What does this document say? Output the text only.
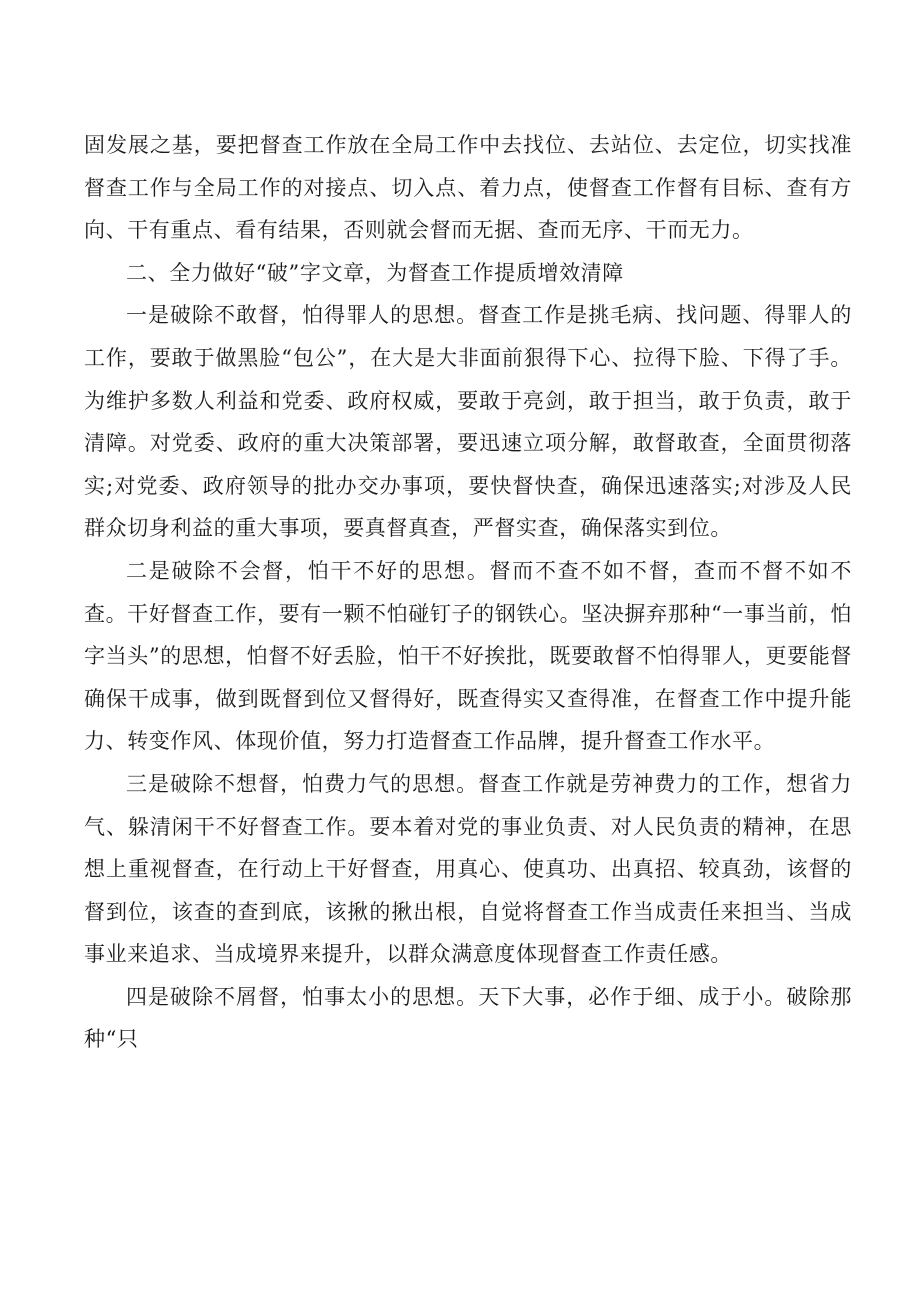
固发展之基，要把督查工作放在全局工作中去找位、去站位、去定位，切实找准督查工作与全局工作的对接点、切入点、着力点，使督查工作督有目标、查有方向、干有重点、看有结果，否则就会督而无据、查而无序、干而无力。

二、全力做好“破”字文章，为督查工作提质增效清障

一是破除不敢督，怕得罪人的思想。督查工作是挑毛病、找问题、得罪人的工作，要敢于做黑脸“包公”，在大是大非面前狠得下心、拉得下脸、下得了手。为维护多数人利益和党委、政府权威，要敢于亮剑，敢于担当，敢于负责，敢于清障。对党委、政府的重大决策部署，要迅速立项分解，敢督敢查，全面贯彻落实;对党委、政府领导的批办交办事项，要快督快查，确保迅速落实;对涉及人民群众切身利益的重大事项，要真督真查，严督实查，确保落实到位。

二是破除不会督，怕干不好的思想。督而不查不如不督，查而不督不如不查。干好督查工作，要有一颗不怕碰钉子的钢铁心。坚决摒弃那种“一事当前，怕字当头”的思想，怕督不好丢脸，怕干不好挨批，既要敢督不怕得罪人，更要能督确保干成事，做到既督到位又督得好，既查得实又查得准，在督查工作中提升能力、转变作风、体现价值，努力打造督查工作品牌，提升督查工作水平。

三是破除不想督，怕费力气的思想。督查工作就是劳神费力的工作，想省力气、躲清闲干不好督查工作。要本着对党的事业负责、对人民负责的精神，在思想上重视督查，在行动上干好督查，用真心、使真功、出真招、较真劲，该督的督到位，该查的查到底，该揪的揪出根，自觉将督查工作当成责任来担当、当成事业来追求、当成境界来提升，以群众满意度体现督查工作责任感。

四是破除不屑督，怕事太小的思想。天下大事，必作于细、成于小。破除那种“只
